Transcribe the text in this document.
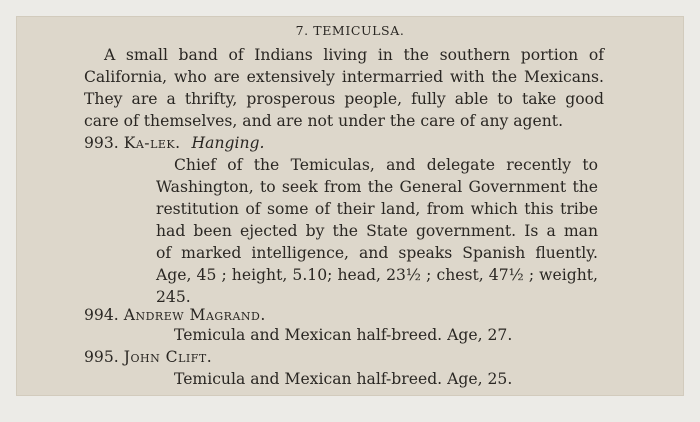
7. TEMICULSA.
A small band of Indians living in the southern portion of
California, who are extensively intermarried with the Mexicans.
They are a thrifty, prosperous people, fully able to take good
care of themselves, and are not under the care of any agent.
993. Ka-lek. Hanging.
Chief of the Temiculas, and delegate recently to
Washington, to seek from the General Government the
restitution of some of their land, from which this tribe
had been ejected by the State government. Is a man
of marked intelligence, and speaks Spanish fluently.
Age, 45 ; height, 5.10; head, 23½ ; chest, 47½ ; weight,
245.
994. Andrew Magrand.
Temicula and Mexican half-breed. Age, 27.
995. John Clift.
Temicula and Mexican half-breed. Age, 25.
